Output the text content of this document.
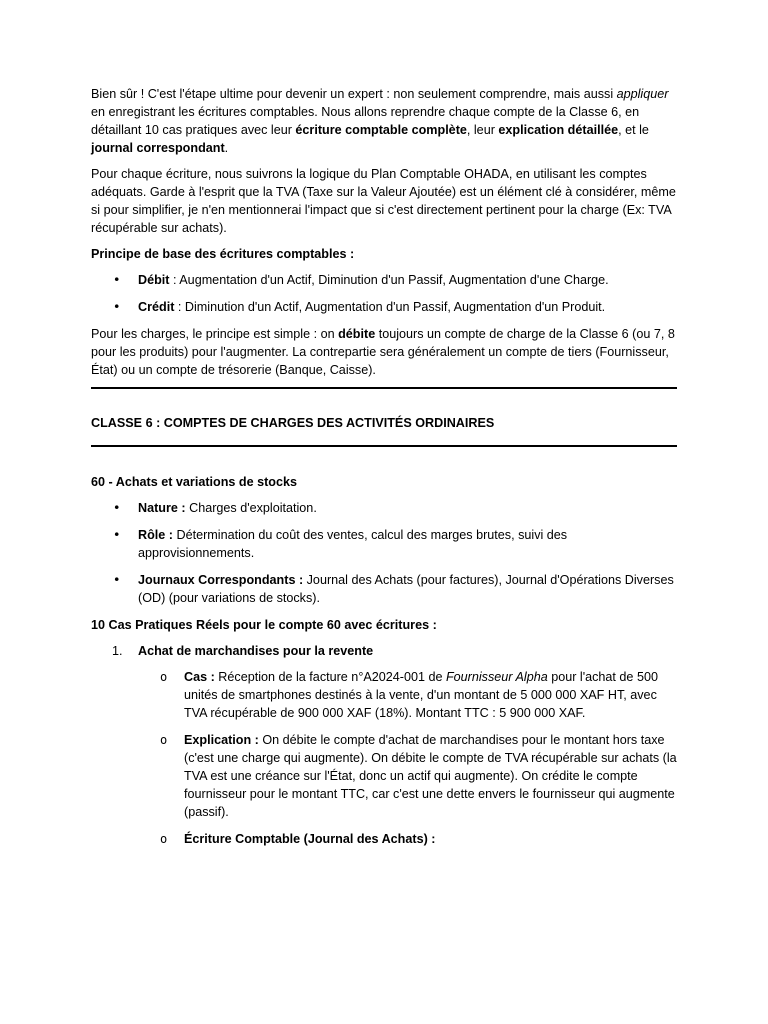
Bien sûr ! C'est l'étape ultime pour devenir un expert : non seulement comprendre, mais aussi appliquer en enregistrant les écritures comptables. Nous allons reprendre chaque compte de la Classe 6, en détaillant 10 cas pratiques avec leur écriture comptable complète, leur explication détaillée, et le journal correspondant.

Pour chaque écriture, nous suivrons la logique du Plan Comptable OHADA, en utilisant les comptes adéquats. Garde à l'esprit que la TVA (Taxe sur la Valeur Ajoutée) est un élément clé à considérer, même si pour simplifier, je n'en mentionnerai l'impact que si c'est directement pertinent pour la charge (Ex: TVA récupérable sur achats).

Principe de base des écritures comptables :

• Débit : Augmentation d'un Actif, Diminution d'un Passif, Augmentation d'une Charge.
• Crédit : Diminution d'un Actif, Augmentation d'un Passif, Augmentation d'un Produit.

Pour les charges, le principe est simple : on débite toujours un compte de charge de la Classe 6 (ou 7, 8 pour les produits) pour l'augmenter. La contrepartie sera généralement un compte de tiers (Fournisseur, État) ou un compte de trésorerie (Banque, Caisse).

CLASSE 6 : COMPTES DE CHARGES DES ACTIVITÉS ORDINAIRES

60 - Achats et variations de stocks

• Nature : Charges d'exploitation.
• Rôle : Détermination du coût des ventes, calcul des marges brutes, suivi des approvisionnements.
• Journaux Correspondants : Journal des Achats (pour factures), Journal d'Opérations Diverses (OD) (pour variations de stocks).

10 Cas Pratiques Réels pour le compte 60 avec écritures :

1. Achat de marchandises pour la revente
o Cas : Réception de la facture n°A2024-001 de Fournisseur Alpha pour l'achat de 500 unités de smartphones destinés à la vente, d'un montant de 5 000 000 XAF HT, avec TVA récupérable de 900 000 XAF (18%). Montant TTC : 5 900 000 XAF.
o Explication : On débite le compte d'achat de marchandises pour le montant hors taxe (c'est une charge qui augmente). On débite le compte de TVA récupérable sur achats (la TVA est une créance sur l'État, donc un actif qui augmente). On crédite le compte fournisseur pour le montant TTC, car c'est une dette envers le fournisseur qui augmente (passif).
o Écriture Comptable (Journal des Achats) :
